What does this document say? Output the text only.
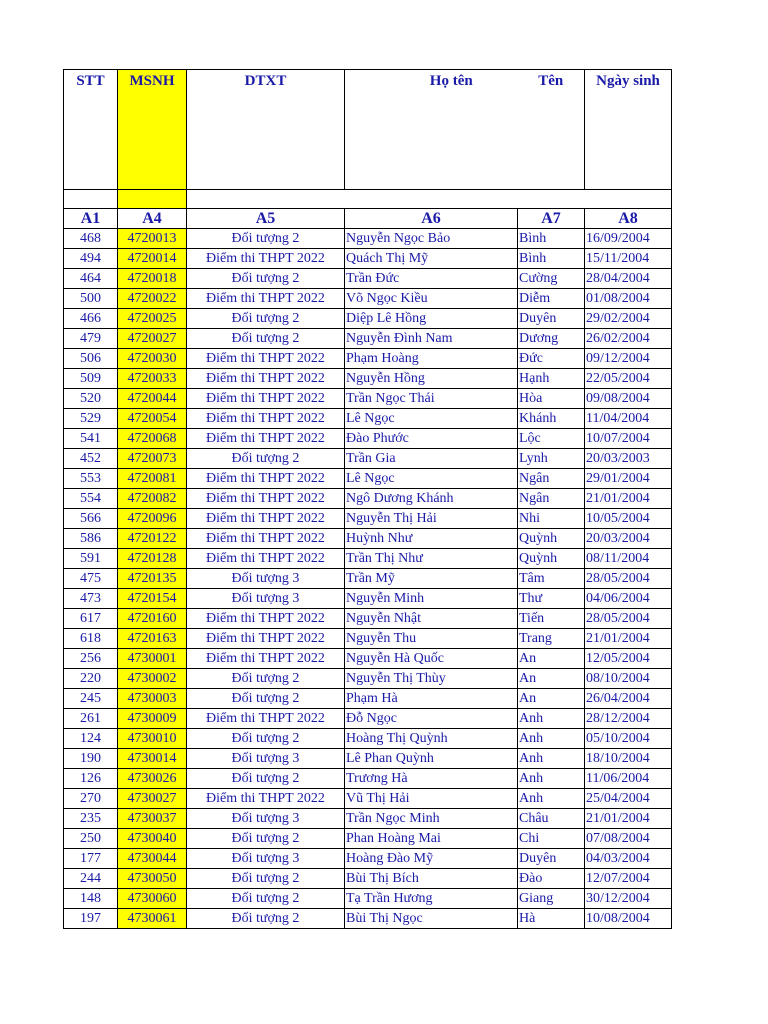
STT	MSNH	DTXT	Họ tên	Tên	Ngày sinh

A1	A4	A5	A6	A7	A8
468	4720013	Đối tượng 2	Nguyễn Ngọc Bảo	Bình	16/09/2004
494	4720014	Điểm thi THPT 2022	Quách Thị Mỹ	Bình	15/11/2004
464	4720018	Đối tượng 2	Trần Đức	Cường	28/04/2004
500	4720022	Điểm thi THPT 2022	Võ Ngọc Kiều	Diễm	01/08/2004
466	4720025	Đối tượng 2	Diệp Lê Hồng	Duyên	29/02/2004
479	4720027	Đối tượng 2	Nguyễn Đình Nam	Dương	26/02/2004
506	4720030	Điểm thi THPT 2022	Phạm Hoàng	Đức	09/12/2004
509	4720033	Điểm thi THPT 2022	Nguyễn Hồng	Hạnh	22/05/2004
520	4720044	Điểm thi THPT 2022	Trần Ngọc Thái	Hòa	09/08/2004
529	4720054	Điểm thi THPT 2022	Lê Ngọc	Khánh	11/04/2004
541	4720068	Điểm thi THPT 2022	Đào Phước	Lộc	10/07/2004
452	4720073	Đối tượng 2	Trần Gia	Lynh	20/03/2003
553	4720081	Điểm thi THPT 2022	Lê Ngọc	Ngân	29/01/2004
554	4720082	Điểm thi THPT 2022	Ngô Dương Khánh	Ngân	21/01/2004
566	4720096	Điểm thi THPT 2022	Nguyễn Thị Hải	Nhi	10/05/2004
586	4720122	Điểm thi THPT 2022	Huỳnh Như	Quỳnh	20/03/2004
591	4720128	Điểm thi THPT 2022	Trần Thị Như	Quỳnh	08/11/2004
475	4720135	Đối tượng 3	Trần Mỹ	Tâm	28/05/2004
473	4720154	Đối tượng 3	Nguyễn Minh	Thư	04/06/2004
617	4720160	Điểm thi THPT 2022	Nguyễn Nhật	Tiến	28/05/2004
618	4720163	Điểm thi THPT 2022	Nguyễn Thu	Trang	21/01/2004
256	4730001	Điểm thi THPT 2022	Nguyễn Hà Quốc	An	12/05/2004
220	4730002	Đối tượng 2	Nguyễn Thị Thùy	An	08/10/2004
245	4730003	Đối tượng 2	Phạm Hà	An	26/04/2004
261	4730009	Điểm thi THPT 2022	Đỗ Ngọc	Anh	28/12/2004
124	4730010	Đối tượng 2	Hoàng Thị Quỳnh	Anh	05/10/2004
190	4730014	Đối tượng 3	Lê Phan Quỳnh	Anh	18/10/2004
126	4730026	Đối tượng 2	Trương Hà	Anh	11/06/2004
270	4730027	Điểm thi THPT 2022	Vũ Thị Hải	Anh	25/04/2004
235	4730037	Đối tượng 3	Trần Ngọc Minh	Châu	21/01/2004
250	4730040	Đối tượng 2	Phan Hoàng Mai	Chi	07/08/2004
177	4730044	Đối tượng 3	Hoàng Đào Mỹ	Duyên	04/03/2004
244	4730050	Đối tượng 2	Bùi Thị Bích	Đào	12/07/2004
148	4730060	Đối tượng 2	Tạ Trần Hương	Giang	30/12/2004
197	4730061	Đối tượng 2	Bùi Thị Ngọc	Hà	10/08/2004
